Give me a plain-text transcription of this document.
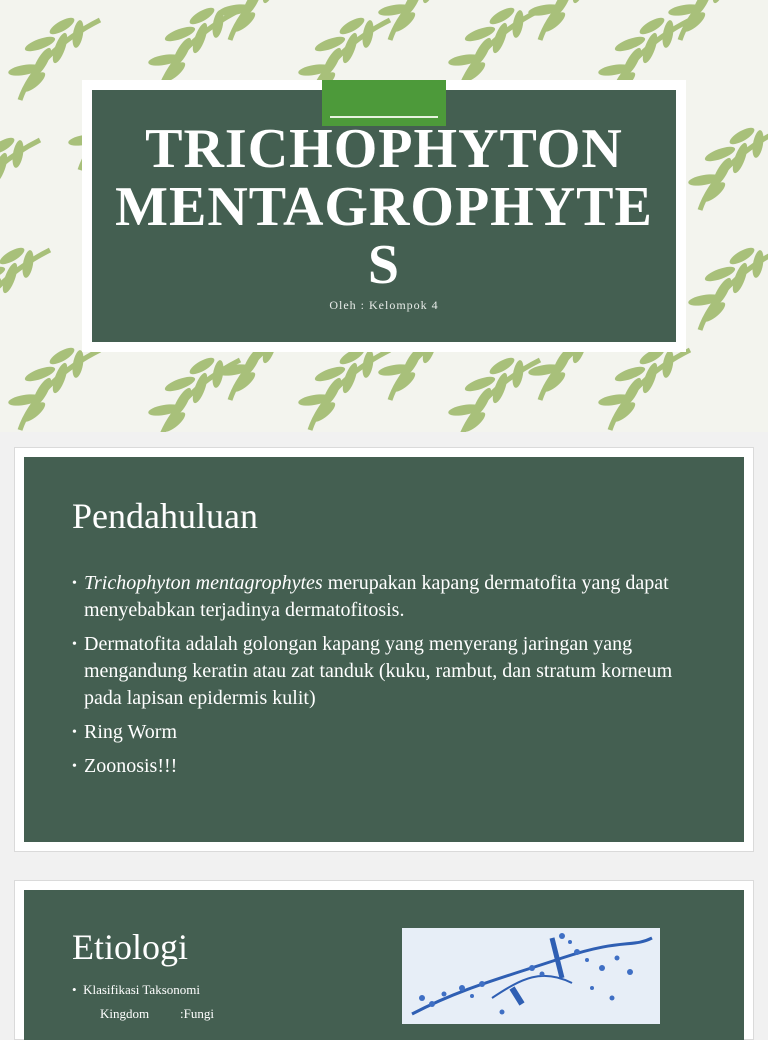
TRICHOPHYTON
MENTAGROPHYTE
S
Oleh : Kelompok 4
Pendahuluan
• Trichophyton mentagrophytes merupakan kapang dermatofita yang dapat menyebabkan terjadinya dermatofitosis.
• Dermatofita adalah golongan kapang yang menyerang jaringan yang mengandung keratin atau zat tanduk (kuku, rambut, dan stratum korneum pada lapisan epidermis kulit)
• Ring Worm
• Zoonosis!!!
Etiologi
• Klasifikasi Taksonomi
Kingdom :Fungi
